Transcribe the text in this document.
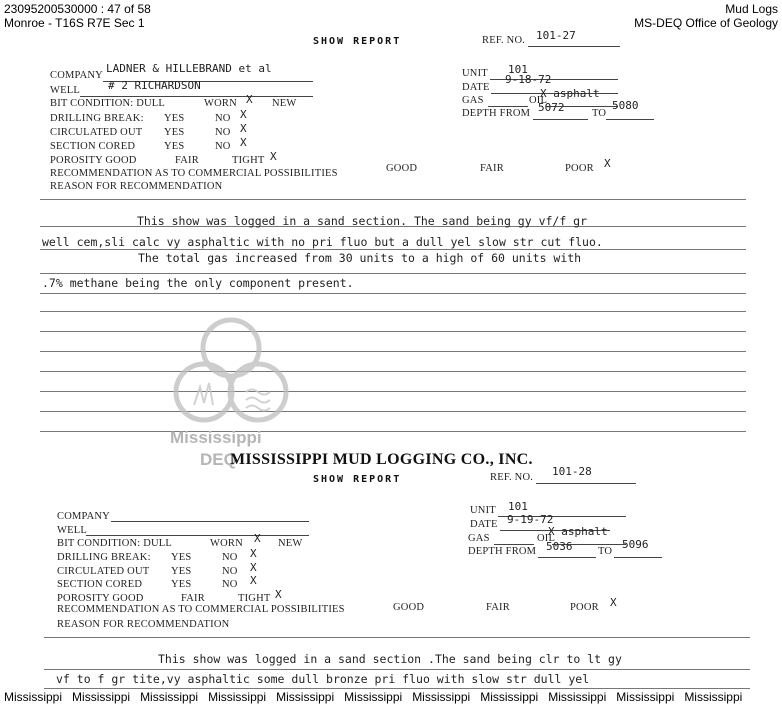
23095200530000 : 47 of 58
Monroe - T16S R7E Sec 1
Mud Logs
MS-DEQ Office of Geology
SHOW REPORT	REF. NO. 101-27
COMPANY
LADNER & HILLEBRAND et al
WELL	# 2 RICHARDSON
BIT CONDITION: DULL	WORN X NEW
DRILLING BREAK: YES	NO X
CIRCULATED OUT YES	NO X
SECTION CORED	YES	NO X
POROSITY GOOD	FAIR	TIGHT X
RECOMMENDATION AS TO COMMERCIAL POSSIBILITIES	GOOD	FAIR	POOR X
REASON FOR RECOMMENDATION
UNIT 101
DATE
9-18-72
GAS	OIL
X asphalt
DEPTH FROM 5072	TO
5080
This show was logged in a sand section. The sand being gy vf/f gr
well cem,sli calc vy asphaltic with no pri fluo but a dull yel slow str cut fluo.
The total gas increased from 30 units to a high of 60 units with
.7% methane being the only component present.
Mississippi
DEQ
MISSISSIPPI MUD LOGGING CO., INC.
SHOW REPORT	REF. NO. 101-28
COMPANY
WELL
BIT CONDITION: DULL	WORN X NEW
DRILLING BREAK: YES	NO X
CIRCULATED OUT YES	NO X
SECTION CORED	YES	NO X
POROSITY GOOD	FAIR	TIGHT X
RECOMMENDATION AS TO COMMERCIAL POSSIBILITIES	GOOD	FAIR	POOR X
REASON FOR RECOMMENDATION
UNIT 101
DATE 9-19-72
GAS	OIL
X asphalt
DEPTH FROM 5036 TO
5096
This show was logged in a sand section .The sand being clr to lt gy
vf to f gr tite,vy asphaltic some dull bronze pri fluo with slow str dull yel
Mississippi Mississippi Mississippi Mississippi Mississippi Mississippi Mississippi Mississippi Mississippi Mississippi Mississippi
